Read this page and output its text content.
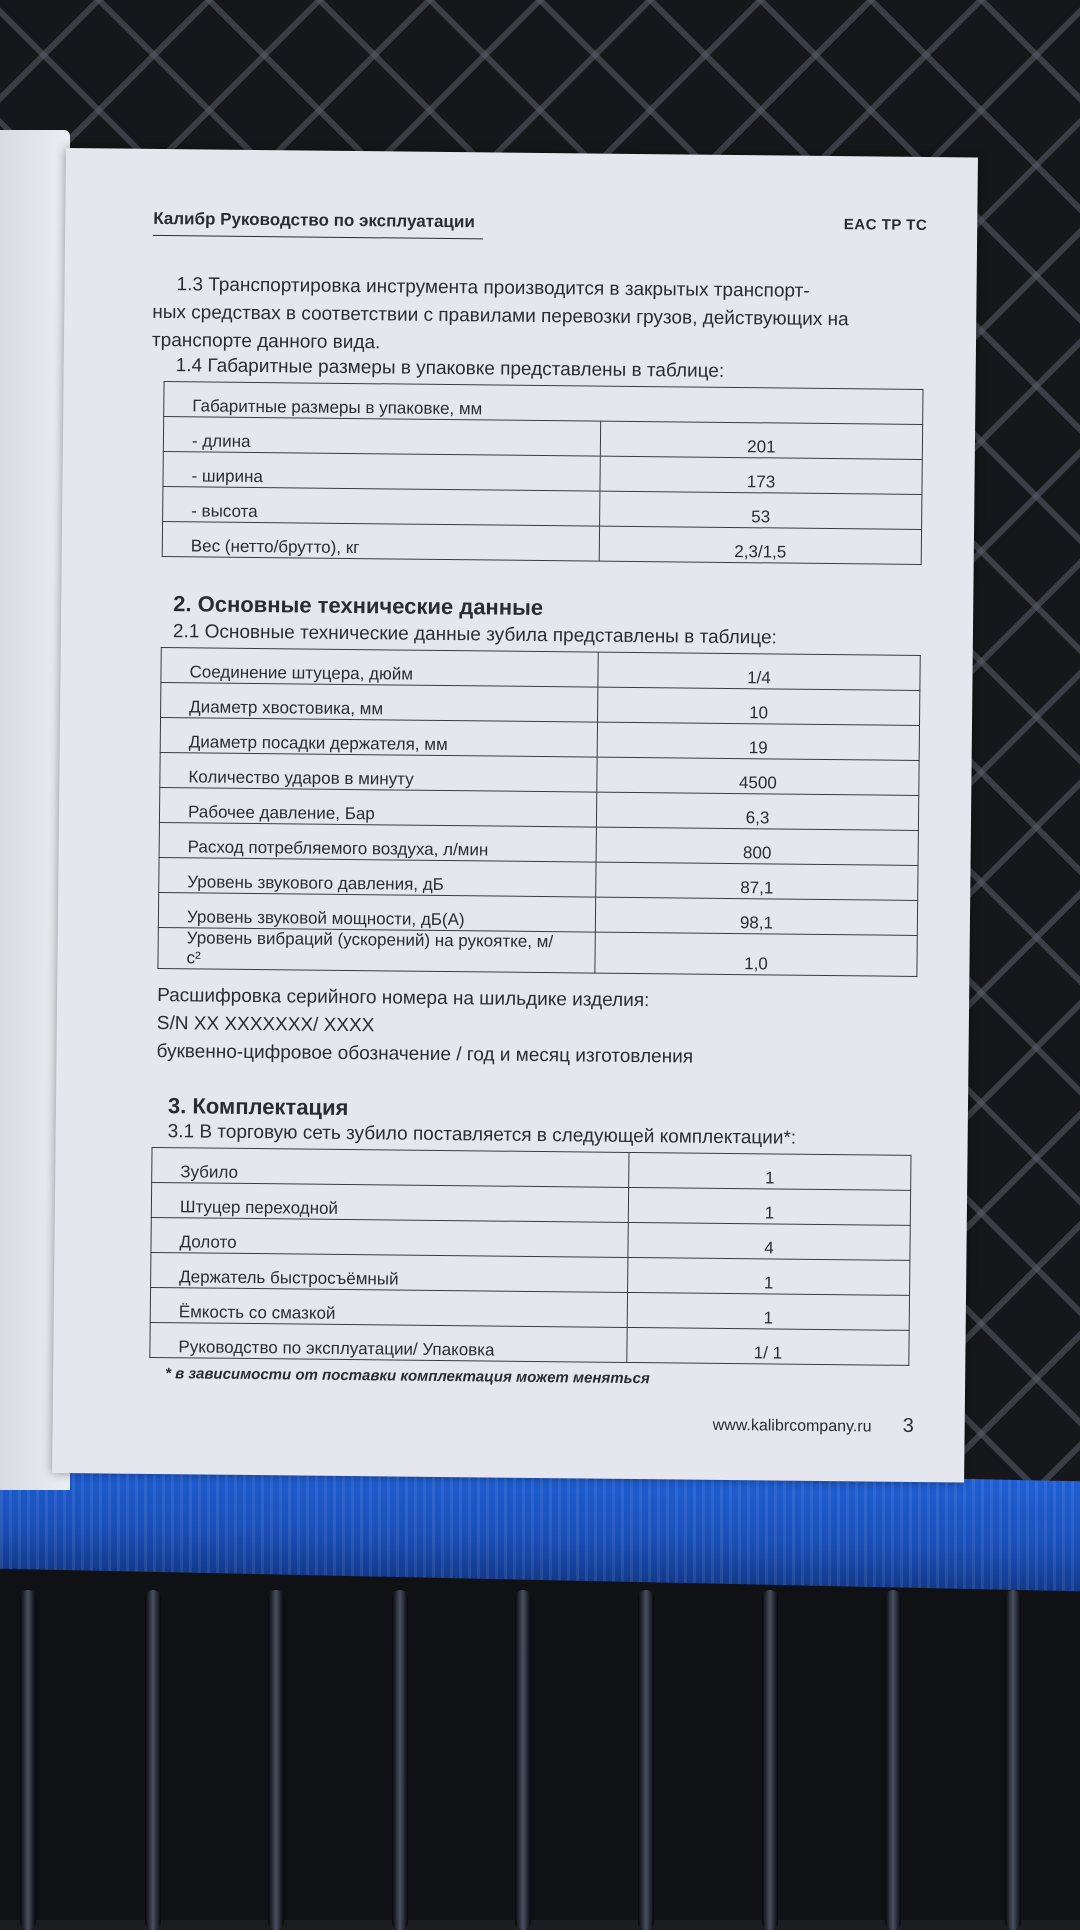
Калибр Руководство по эксплуатации	EAC TP TC
1.3 Транспортировка инструмента производится в закрытых транспорт-
ных средствах в соответствии с правилами перевозки грузов, действующих на
транспорте данного вида.
1.4 Габаритные размеры в упаковке представлены в таблице:
Габаритные размеры в упаковке, мм	
- длина	201
- ширина	173
- высота	53
Вес (нетто/брутто), кг	2,3/1,5
2. Основные технические данные
2.1 Основные технические данные зубила представлены в таблице:
Соединение штуцера, дюйм	1/4
Диаметр хвостовика, мм	10
Диаметр посадки держателя, мм	19
Количество ударов в минуту	4500
Рабочее давление, Бар	6,3
Расход потребляемого воздуха, л/мин	800
Уровень звукового давления, дБ	87,1
Уровень звуковой мощности, дБ(А)	98,1
Уровень вибраций (ускорений) на рукоятке, м/с²	1,0
Расшифровка серийного номера на шильдике изделия:
S/N XX XXXXXXX/ XXXX
буквенно-цифровое обозначение / год и месяц изготовления
3. Комплектация
3.1 В торговую сеть зубило поставляется в следующей комплектации*:
Зубило	1
Штуцер переходной	1
Долото	4
Держатель быстросъёмный	1
Ёмкость со смазкой	1
Руководство по эксплуатации/ Упаковка	1/ 1
* в зависимости от поставки комплектация может меняться
www.kalibrcompany.ru 3
